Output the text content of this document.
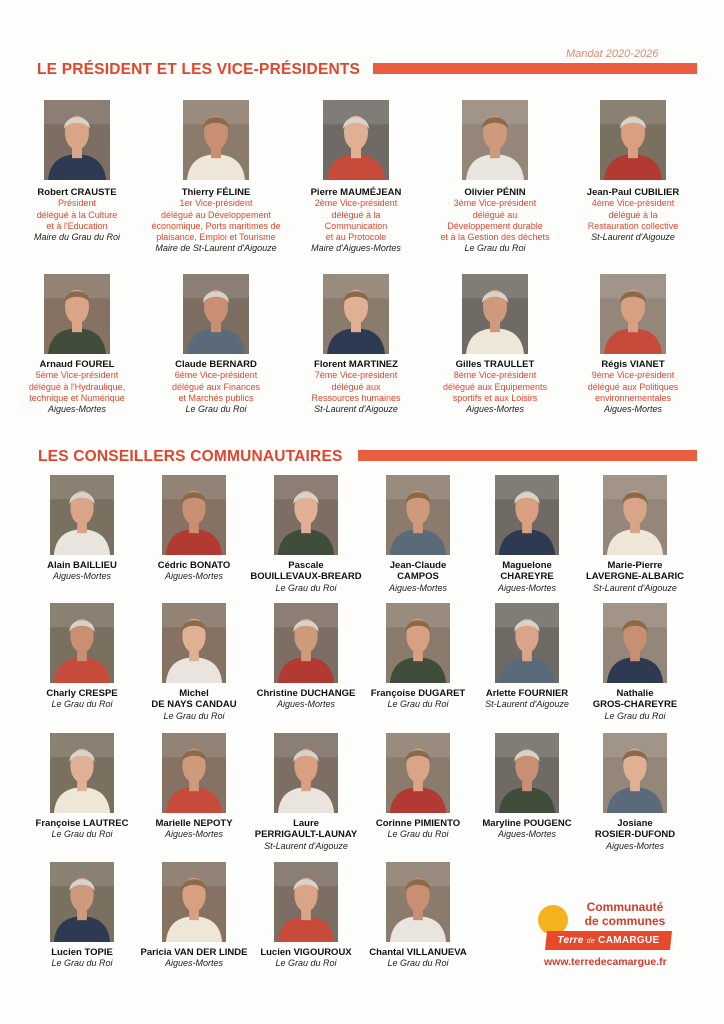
Mandat 2020-2026
LE PRÉSIDENT ET LES VICE-PRÉSIDENTS
LES CONSEILLERS COMMUNAUTAIRES
Robert CRAUSTE
Président
délégué à la Culture
et à l'Education
Maire du Grau du Roi
Thierry FÉLINE
1er Vice-président
délégué au Développement
économique, Ports maritimes de
plaisance, Emploi et Tourisme
Maire de St-Laurent d'Aigouze
Pierre MAUMÉJEAN
2ème Vice-président
délégué à la
Communication
et au Protocole
Maire d'Aigues-Mortes
Olivier PÉNIN
3ème Vice-président
délégué au
Développement durable
et à la Gestion des déchets
Le Grau du Roi
Jean-Paul CUBILIER
4ème Vice-président
délégué à la
Restauration collective
St-Laurent d'Aigouze
Arnaud FOUREL
5ème Vice-président
délégué à l'Hydraulique,
technique et Numérique
Aigues-Mortes
Claude BERNARD
6ème Vice-président
délégué aux Finances
et Marchés publics
Le Grau du Roi
Florent MARTINEZ
7ème Vice-président
délégué aux
Ressources humaines
St-Laurent d'Aigouze
Gilles TRAULLET
8ème Vice-président
délégué aux Equipements
sportifs et aux Loisirs
Aigues-Mortes
Régis VIANET
9ème Vice-président
délégué aux Politiques
environnementales
Aigues-Mortes
Alain BAILLIEU
Aigues-Mortes
Cédric BONATO
Aigues-Mortes
Pascale
BOUILLEVAUX-BREARD
Le Grau du Roi
Jean-Claude
CAMPOS
Aigues-Mortes
Maguelone
CHAREYRE
Aigues-Mortes
Marie-Pierre
LAVERGNE-ALBARIC
St-Laurent d'Aigouze
Charly CRESPE
Le Grau du Roi
Michel
DE NAYS CANDAU
Le Grau du Roi
Christine DUCHANGE
Aigues-Mortes
Françoise DUGARET
Le Grau du Roi
Arlette FOURNIER
St-Laurent d'Aigouze
Nathalie
GROS-CHAREYRE
Le Grau du Roi
Françoise LAUTREC
Le Grau du Roi
Marielle NEPOTY
Aigues-Mortes
Laure
PERRIGAULT-LAUNAY
St-Laurent d'Aigouze
Corinne PIMIENTO
Le Grau du Roi
Maryline POUGENC
Aigues-Mortes
Josiane
ROSIER-DUFOND
Aigues-Mortes
Lucien TOPIE
Le Grau du Roi
Paricia VAN DER LINDE
Aigues-Mortes
Lucien VIGOUROUX
Le Grau du Roi
Chantal VILLANUEVA
Le Grau du Roi
Communauté
de communes
Terre de CAMARGUE
www.terredecamargue.fr
